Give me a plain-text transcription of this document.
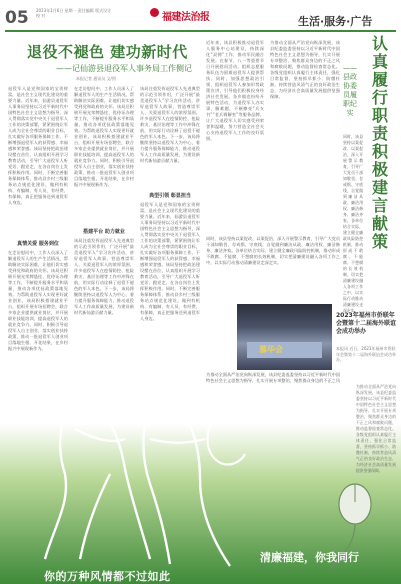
05 2023年1月6日 星期一 责任编辑 版式设计 校 对	福建法治报	生活·服务·广告
退役不褪色 建功新时代
——记仙游县退役军人事务局工作侧记
本报记者 通讯员 文/图
退役军人是党和国家的宝贵财富，是社会主义现代化建设的重要力量。近年来，仙游县退役军人事务局坚持以习近平新时代中国特色社会主义思想为指导，深入贯彻落实党中央关于退役军人工作的决策部署，紧紧围绕让军人成为全社会尊崇的职业目标，扎实做好各项服务保障工作，不断增强退役军人的获得感、幸福感和荣誉感。该局坚持把政治建设摆在首位，认真组织开展学习教育活动，引导广大退役军人听党话、跟党走，在各自岗位上发挥积极作用。同时，不断完善服务保障体系，推动县乡村三级服务站点规范化建设，做到有机构、有编制、有人员、有经费、有保障，真正把服务送到退役军人身边。
真情关爱 服务到位
在走访慰问中，工作人员深入了解退役军人的生产生活情况，帮助解决实际困难，让他们切实感受到党和政府的关怀。该局还积极开展光荣牌悬挂、优待证办理等工作，不断提升服务水平和质量，推动各项优抚政策落地见效。为帮助退役军人实现更好就业创业，该局积极搭建就业平台，组织开展专场招聘会，联合多家企业提供就业岗位，并开展职业技能培训，提高退役军人的就业竞争力。同时，积极引导退役军人自主创业，落实创业扶持政策，推动一批退役军人创业项目落地生根、开花结果，在乡村振兴中展现新作为。
在走访慰问中，工作人员深入了解退役军人的生产生活情况，帮助解决实际困难，让他们切实感受到党和政府的关怀。该局还积极开展光荣牌悬挂、优待证办理等工作，不断提升服务水平和质量，推动各项优抚政策落地见效。为帮助退役军人实现更好就业创业，该局积极搭建就业平台，组织开展专场招聘会，联合多家企业提供就业岗位，并开展职业技能培训，提高退役军人的就业竞争力。同时，积极引导退役军人自主创业，落实创业扶持政策，推动一批退役军人创业项目落地生根、开花结果，在乡村振兴中展现新作为。
搭建平台 助力就业
该局注重发挥退役军人先进典型的示范引领作用，广泛开展“最美退役军人”学习宣传活动，讲好退役军人故事，营造尊崇军人、关爱退役军人的浓厚氛围。许多退役军人在疫情防控、抢险救灾、基层治理等工作中冲锋在前，用实际行动诠释了退役不褪色的军人本色。下一步，该局将继续坚持以退役军人为中心，着力提升服务保障能力，推动退役军人工作高质量发展，为建设新时代新仙游贡献力量。
该局注重发挥退役军人先进典型的示范引领作用，广泛开展“最美退役军人”学习宣传活动，讲好退役军人故事，营造尊崇军人、关爱退役军人的浓厚氛围。许多退役军人在疫情防控、抢险救灾、基层治理等工作中冲锋在前，用实际行动诠释了退役不褪色的军人本色。下一步，该局将继续坚持以退役军人为中心，着力提升服务保障能力，推动退役军人工作高质量发展，为建设新时代新仙游贡献力量。
典型引领 彰显担当
退役军人是党和国家的宝贵财富，是社会主义现代化建设的重要力量。近年来，仙游县退役军人事务局坚持以习近平新时代中国特色社会主义思想为指导，深入贯彻落实党中央关于退役军人工作的决策部署，紧紧围绕让军人成为全社会尊崇的职业目标，扎实做好各项服务保障工作，不断增强退役军人的获得感、幸福感和荣誉感。该局坚持把政治建设摆在首位，认真组织开展学习教育活动，引导广大退役军人听党话、跟党走，在各自岗位上发挥积极作用。同时，不断完善服务保障体系，推动县乡村三级服务站点规范化建设，做到有机构、有编制、有人员、有经费、有保障，真正把服务送到退役军人身边。
近年来，该县积极推动退役军人服务中心站建设，持续深化“双拥”工作，推动军民融合发展。在春节、八一等重要节日开展慰问活动，组织志愿服务队伍为困难退役军人提供帮扶。同时，加强思想政治引领，组织退役军人参加形势政策宣讲，引导他们积极投身经济社会发展。各乡镇也纷纷开展特色活动，为退役军人办实事、解难题，不断擦亮“兵支书”“老兵调解室”等服务品牌，让广大退役军人切实感受到荣誉和温暖，努力营造全社会关心支持退役军人工作的良好氛围。
为推动全面从严治党向纵深发展，该县纪委监委坚持以习近平新时代中国特色社会主义思想为指导，扎实开展专项整治，聚焦群众身边的不正之风和腐败问题，推动监督检查常态化。各级党组织认真履行主体责任，强化日常监督，坚持抓早抓小、防微杜渐，持续营造风清气正的良好政治生态，为经济社会高质量发展提供坚强保障。
同时，该县坚持以案促改、以案促治，深入开展警示教育，引导广大党员干部知敬畏、存戒惧、守底线，自觉做到廉洁从政、廉洁用权、廉洁修身、廉洁齐家。各单位结合实际，建立健全廉政风险防控机制，推动形成不敢腐、不能腐、不想腐的长效机制，切实把清廉建设融入各项工作之中，以实际行动推动清廉建设走深走实。
认真履行职责积极建言献策
——县政协委员履职纪实
同时，该县坚持以案促改、以案促治，深入开展警示教育，引导广大党员干部知敬畏、存戒惧、守底线，自觉做到廉洁从政、廉洁用权、廉洁修身、廉洁齐家。各单位结合实际，建立健全廉政风险防控机制，推动形成不敢腐、不能腐、不想腐的长效机制，切实把清廉建设融入各项工作之中，以实际行动推动清廉建设走深走实。
慕华会
2023年福州市侨联年会暨第十二届海外联谊会成功举办
本报讯 近日，2023年福州市侨联年会暨第十二届海外联谊会成功举办。
为推动全面从严治党向纵深发展，该县纪委监委坚持以习近平新时代中国特色社会主义思想为指导，扎实开展专项整治，聚焦群众身边的不正之风
为推动全面从严治党向纵深发展，该县纪委监委坚持以习近平新时代中国特色社会主义思想为指导，扎实开展专项整治，聚焦群众身边的不正之风和腐败问题，推动监督检查常态化。各级党组织认真履行主体责任，强化日常监督，坚持抓早抓小、防微杜渐，持续营造风清气正的良好政治生态，为经济社会高质量发展提供坚强保障。
你的万种风情都不过如此
清廉福建，你我同行
